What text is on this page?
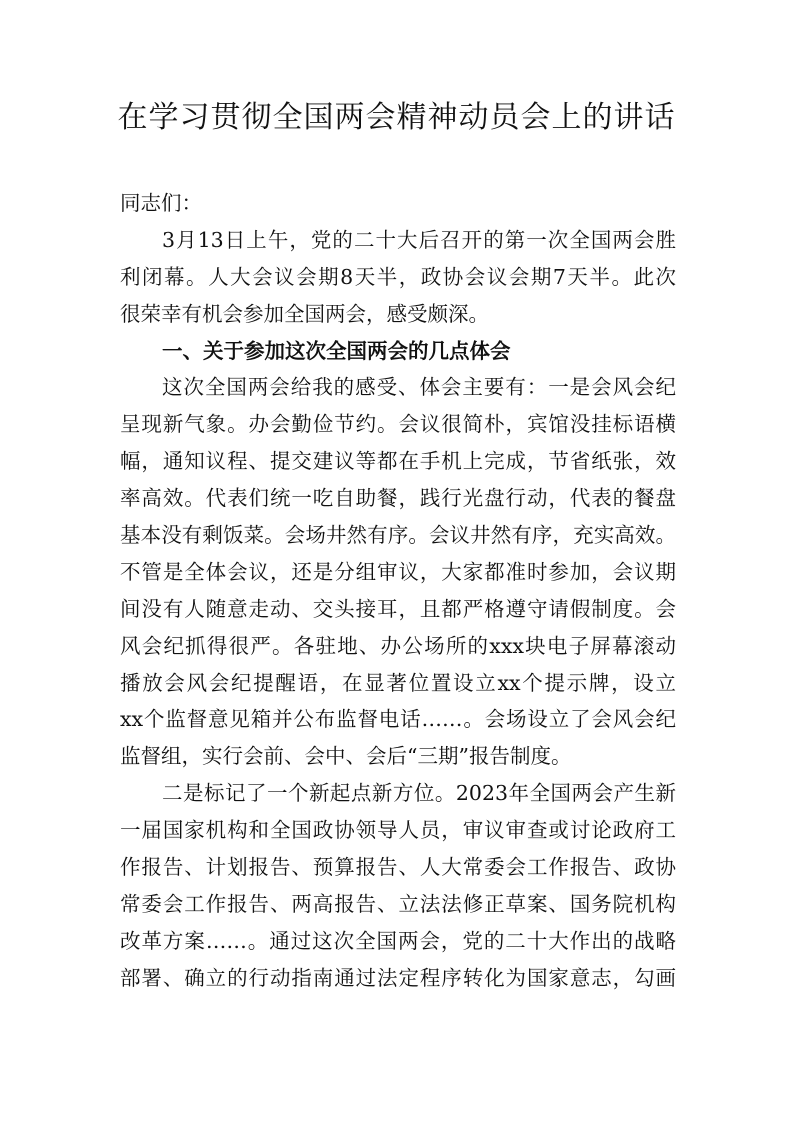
在学习贯彻全国两会精神动员会上的讲话
同志们：
3月13日上午，党的二十大后召开的第一次全国两会胜
利闭幕。人大会议会期8天半，政协会议会期7天半。此次
很荣幸有机会参加全国两会，感受颇深。
一、关于参加这次全国两会的几点体会
这次全国两会给我的感受、体会主要有：一是会风会纪
呈现新气象。办会勤俭节约。会议很简朴，宾馆没挂标语横
幅，通知议程、提交建议等都在手机上完成，节省纸张，效
率高效。代表们统一吃自助餐，践行光盘行动，代表的餐盘
基本没有剩饭菜。会场井然有序。会议井然有序，充实高效。
不管是全体会议，还是分组审议，大家都准时参加，会议期
间没有人随意走动、交头接耳，且都严格遵守请假制度。会
风会纪抓得很严。各驻地、办公场所的xxx块电子屏幕滚动
播放会风会纪提醒语，在显著位置设立xx个提示牌，设立
xx个监督意见箱并公布监督电话……。会场设立了会风会纪
监督组，实行会前、会中、会后“三期”报告制度。
二是标记了一个新起点新方位。2023年全国两会产生新
一届国家机构和全国政协领导人员，审议审查或讨论政府工
作报告、计划报告、预算报告、人大常委会工作报告、政协
常委会工作报告、两高报告、立法法修正草案、国务院机构
改革方案……。通过这次全国两会，党的二十大作出的战略
部署、确立的行动指南通过法定程序转化为国家意志，勾画
